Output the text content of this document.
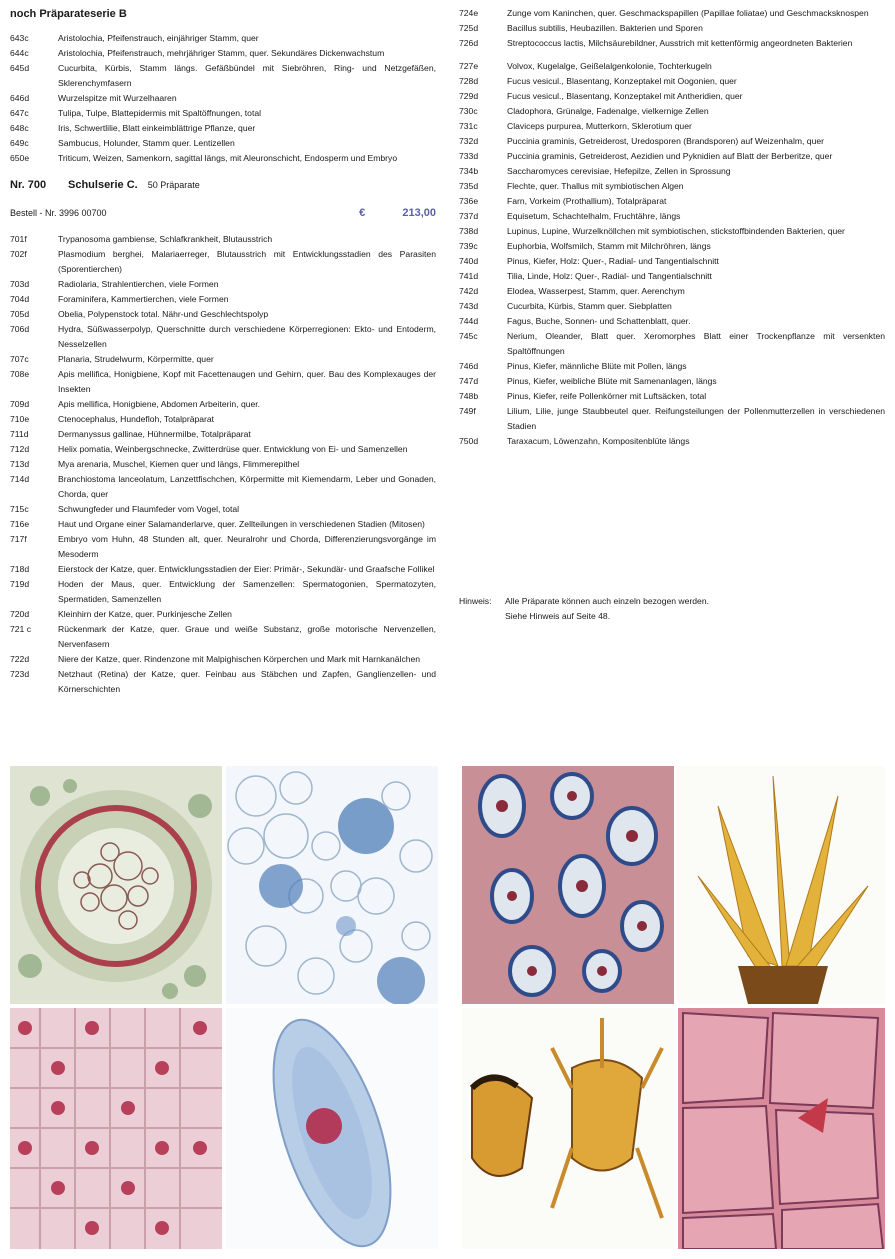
noch Präparateserie B
643c	Aristolochia, Pfeifenstrauch, einjähriger Stamm, quer
644c	Aristolochia, Pfeifenstrauch, mehrjähriger Stamm, quer. Sekundäres Dickenwachstum
645d	Cucurbita, Kürbis, Stamm längs. Gefäßbündel mit Siebröhren, Ring- und Netzgefäßen, Sklerenchymfasern
646d	Wurzelspitze mit Wurzelhaaren
647c	Tulipa, Tulpe, Blattepidermis mit Spaltöffnungen, total
648c	Iris, Schwertlilie, Blatt einkeimblättrige Pflanze, quer
649c	Sambucus, Holunder, Stamm quer. Lentizellen
650e	Triticum, Weizen, Samenkorn, sagittal längs, mit Aleuronschicht, Endosperm und Embryo
Nr. 700	Schulserie C. 50 Präparate
Bestell - Nr. 3996 00700	€	213,00
701f	Trypanosoma gambiense, Schlafkrankheit, Blutausstrich
702f	Plasmodium berghei, Malariaerreger, Blutausstrich mit Entwicklungsstadien des Parasiten (Sporentierchen)
703d	Radiolaria, Strahlentierchen, viele Formen
704d	Foraminifera, Kammertierchen, viele Formen
705d	Obelia, Polypenstock total. Nähr-und Geschlechtspolyp
706d	Hydra, Süßwasserpolyp, Querschnitte durch verschiedene Körperregionen: Ekto- und Entoderm, Nesselzellen
707c	Planaria, Strudelwurm, Körpermitte, quer
708e	Apis mellifica, Honigbiene, Kopf mit Facettenaugen und Gehirn, quer. Bau des Komplexauges der Insekten
709d	Apis mellifica, Honigbiene, Abdomen Arbeiterin, quer.
710e	Ctenocephalus, Hundefloh, Totalpräparat
711d	Dermanyssus gallinae, Hühnermilbe, Totalpräparat
712d	Helix pomatia, Weinbergschnecke, Zwitterdrüse quer. Entwicklung von Ei- und Samenzellen
713d	Mya arenaria, Muschel, Kiemen quer und längs, Flimmerepithel
714d	Branchiostoma lanceolatum, Lanzettfischchen, Körpermitte mit Kiemendarm, Leber und Gonaden, Chorda, quer
715c	Schwungfeder und Flaumfeder vom Vogel, total
716e	Haut und Organe einer Salamanderlarve, quer. Zellteilungen in verschiedenen Stadien (Mitosen)
717f	Embryo vom Huhn, 48 Stunden alt, quer. Neuralrohr und Chorda, Differenzierungsvorgänge im Mesoderm
718d	Eierstock der Katze, quer. Entwicklungsstadien der Eier: Primär-, Sekundär- und Graafsche Follikel
719d	Hoden der Maus, quer. Entwicklung der Samenzellen: Spermatogonien, Spermatozyten, Spermatiden, Samenzellen
720d	Kleinhirn der Katze, quer. Purkinjesche Zellen
721 c	Rückenmark der Katze, quer. Graue und weiße Substanz, große motorische Nervenzellen, Nervenfasern
722d	Niere der Katze, quer. Rindenzone mit Malpighischen Körperchen und Mark mit Harnkanälchen
723d	Netzhaut (Retina) der Katze, quer. Feinbau aus Stäbchen und Zapfen, Ganglienzellen- und Körnerschichten
724e	Zunge vom Kaninchen, quer. Geschmackspapillen (Papillae foliatae) und Geschmacksknospen
725d	Bacillus subtilis, Heubazillen. Bakterien und Sporen
726d	Streptococcus lactis, Milchsäurebildner, Ausstrich mit kettenförmig angeordneten Bakterien
727e	Volvox, Kugelalge, Geißelalgenkolonie, Tochterkugeln
728d	Fucus vesicul., Blasentang, Konzeptakel mit Oogonien, quer
729d	Fucus vesicul., Blasentang, Konzeptakel mit Antheridien, quer
730c	Cladophora, Grünalge, Fadenalge, vielkernige Zellen
731c	Claviceps purpurea, Mutterkorn, Sklerotium quer
732d	Puccinia graminis, Getreiderost, Uredosporen (Brandsporen) auf Weizenhalm, quer
733d	Puccinia graminis, Getreiderost, Aezidien und Pyknidien auf Blatt der Berberitze, quer
734b	Saccharomyces cerevisiae, Hefepilze, Zellen in Sprossung
735d	Flechte, quer. Thallus mit symbiotischen Algen
736e	Farn, Vorkeim (Prothallium), Totalpräparat
737d	Equisetum, Schachtelhalm, Fruchtähre, längs
738d	Lupinus, Lupine, Wurzelknöllchen mit symbiotischen, stickstoffbindenden Bakterien, quer
739c	Euphorbia, Wolfsmilch, Stamm mit Milchröhren, längs
740d	Pinus, Kiefer, Holz: Quer-, Radial- und Tangentialschnitt
741d	Tilia, Linde, Holz: Quer-, Radial- und Tangentialschnitt
742d	Elodea, Wasserpest, Stamm, quer. Aerenchym
743d	Cucurbita, Kürbis, Stamm quer. Siebplatten
744d	Fagus, Buche, Sonnen- und Schattenblatt, quer.
745c	Nerium, Oleander, Blatt quer. Xeromorphes Blatt einer Trockenpflanze mit versenkten Spaltöffnungen
746d	Pinus, Kiefer, männliche Blüte mit Pollen, längs
747d	Pinus, Kiefer, weibliche Blüte mit Samenanlagen, längs
748b	Pinus, Kiefer, reife Pollenkörner mit Luftsäcken, total
749f	Lilium, Lilie, junge Staubbeutel quer. Reifungsteilungen der Pollenmutterzellen in verschiedenen Stadien
750d	Taraxacum, Löwenzahn, Kompositenblüte längs
Hinweis:	Alle Präparate können auch einzeln bezogen werden.
Siehe Hinweis auf Seite 48.
